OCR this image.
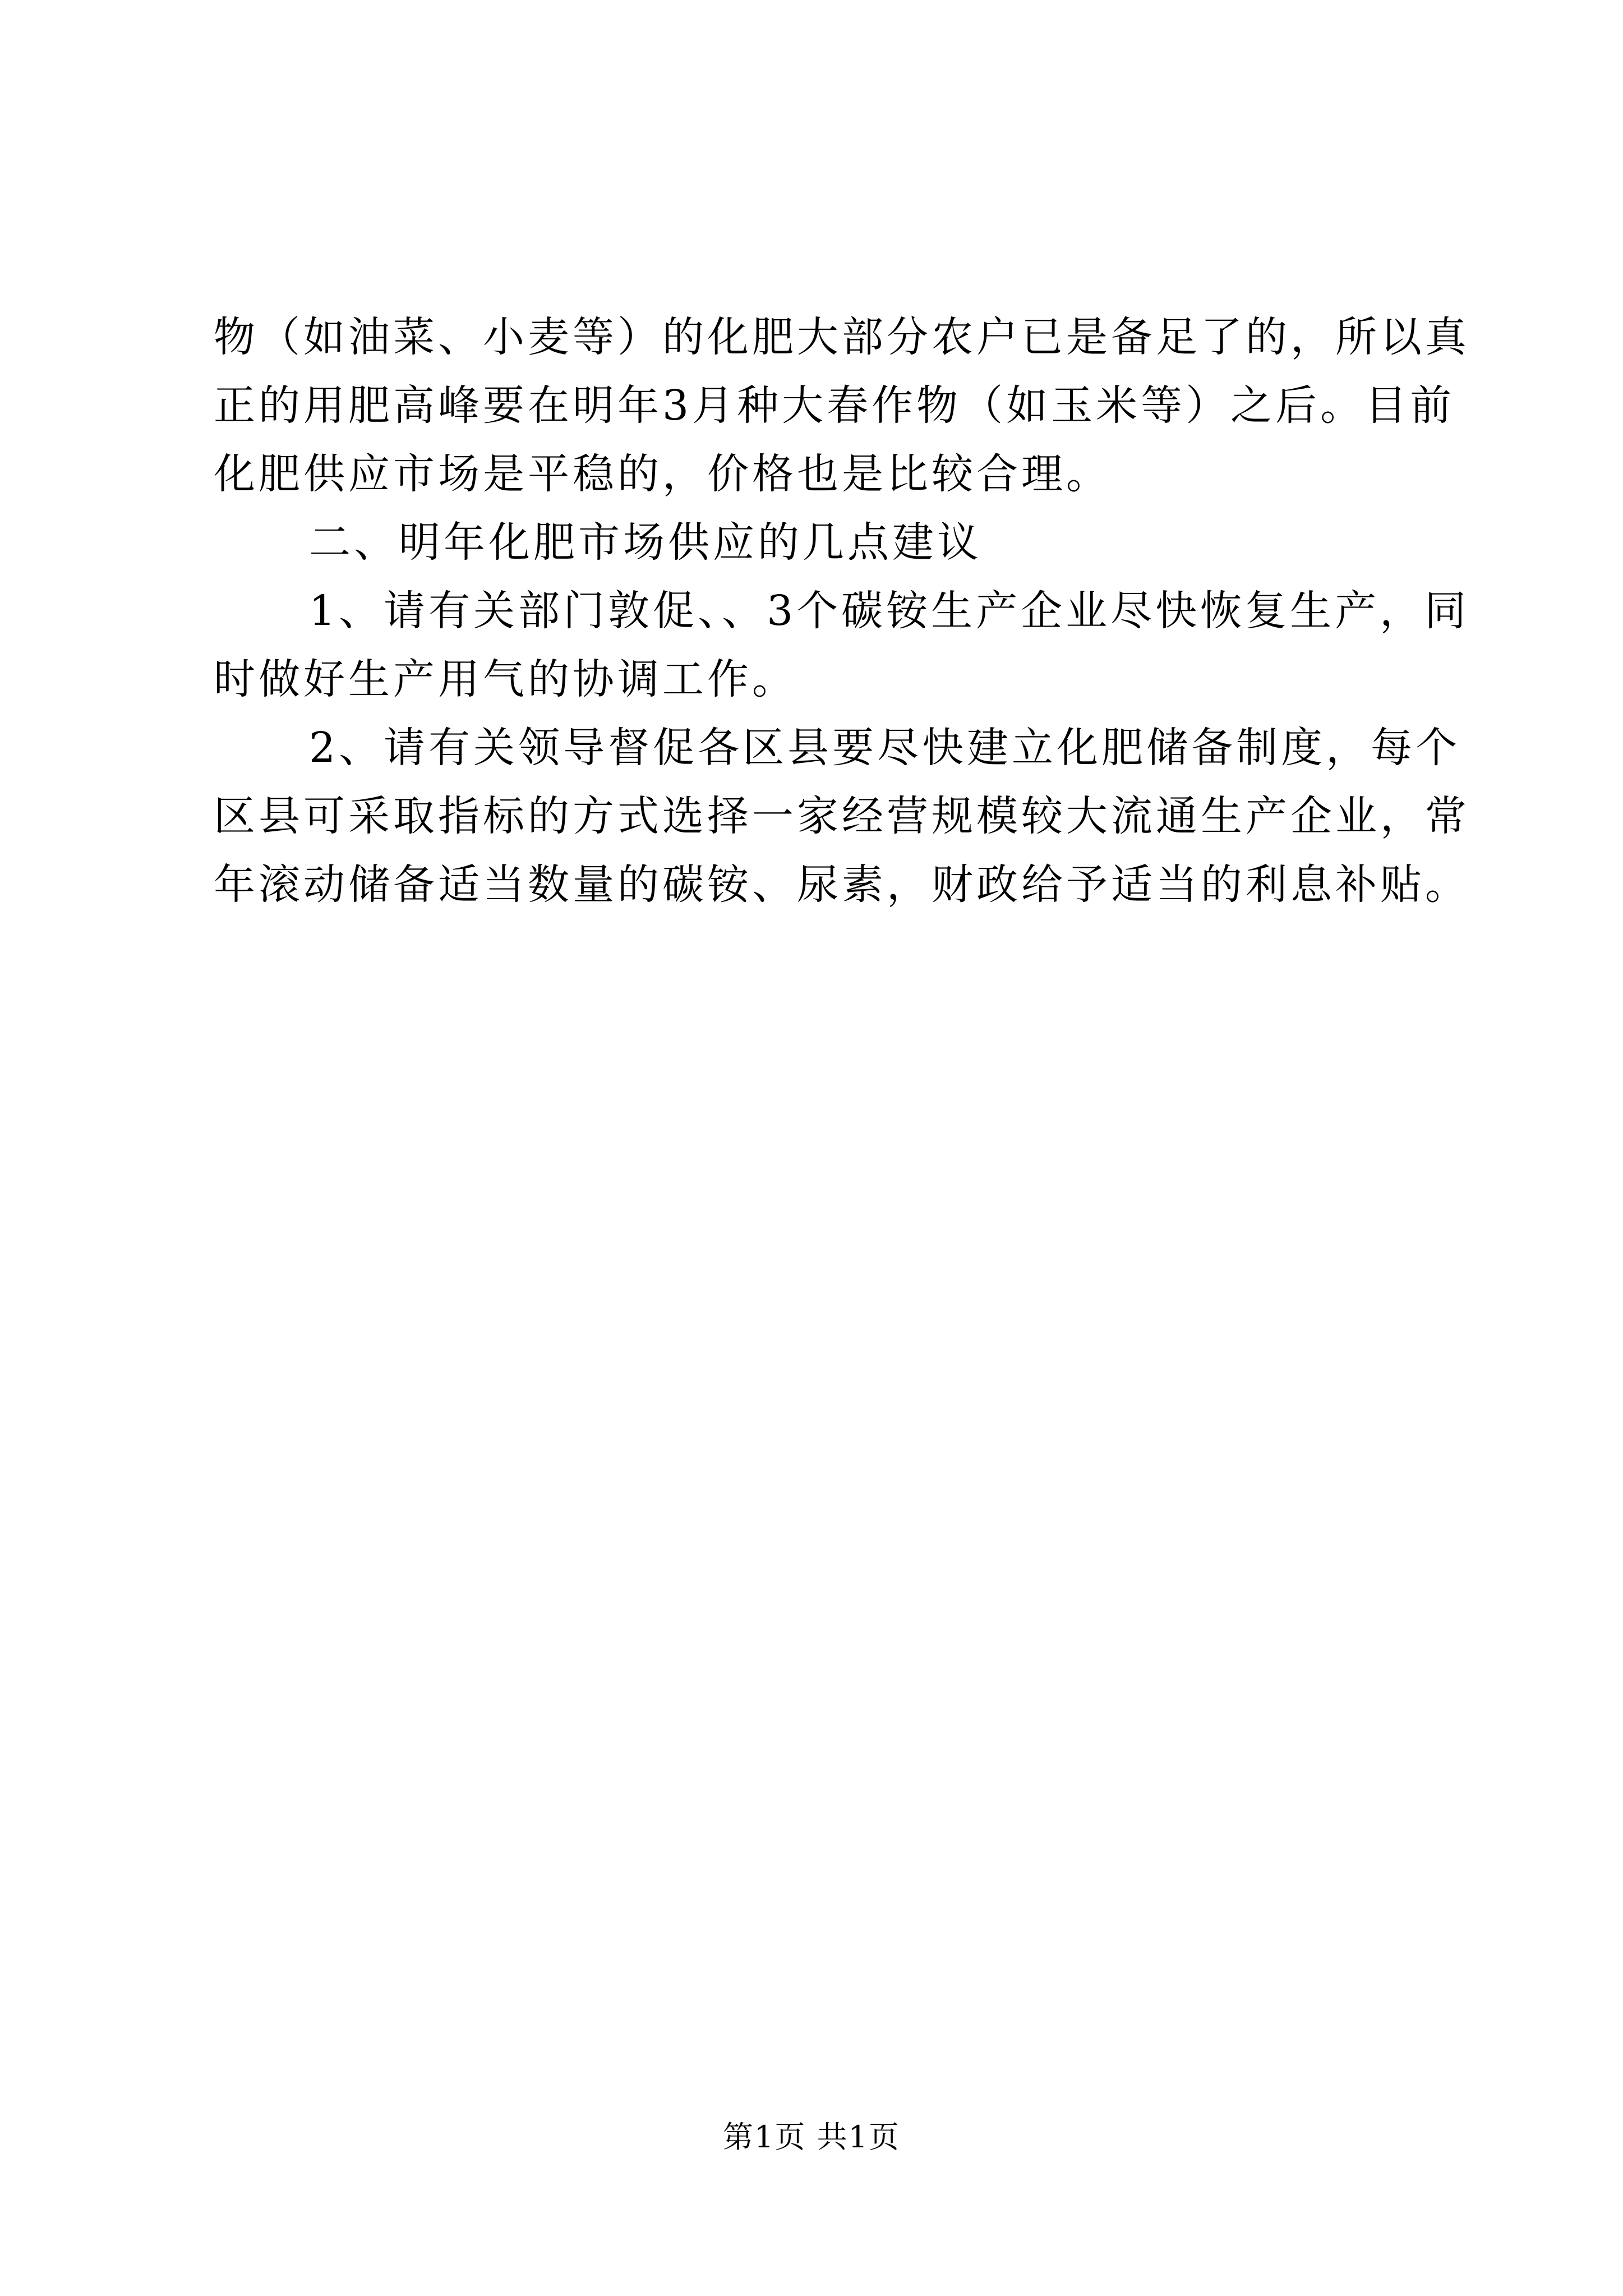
物（如油菜、小麦等）的化肥大部分农户已是备足了的，所以真
正的用肥高峰要在明年3月种大春作物（如玉米等）之后。目前
化肥供应市场是平稳的，价格也是比较合理。
二、明年化肥市场供应的几点建议
1、请有关部门敦促、、3个碳铵生产企业尽快恢复生产，同
时做好生产用气的协调工作。
2、请有关领导督促各区县要尽快建立化肥储备制度，每个
区县可采取指标的方式选择一家经营规模较大流通生产企业，常
年滚动储备适当数量的碳铵、尿素，财政给予适当的利息补贴。
第1页 共1页
